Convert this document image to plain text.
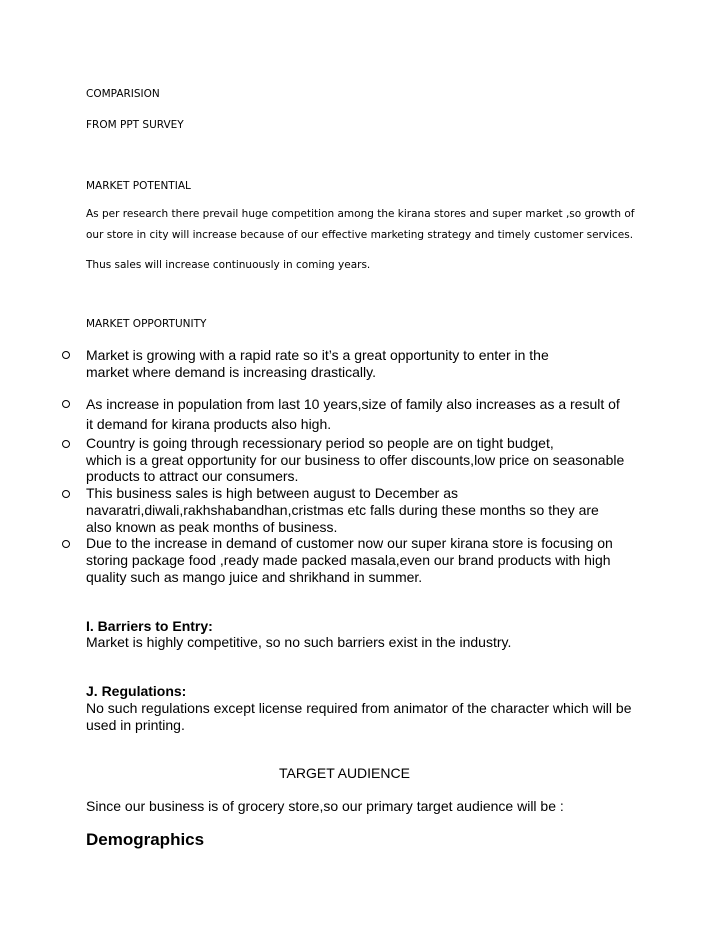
COMPARISION

FROM PPT SURVEY

MARKET POTENTIAL

As per research there prevail huge competition among the kirana stores and super market ,so growth of

our store in city will increase because of our effective marketing strategy and timely customer services.

Thus sales will increase continuously in coming years.

MARKET OPPORTUNITY

Market is growing with a rapid rate so it’s a great opportunity to enter in the

market where demand is increasing drastically.

As increase in population from last 10 years,size of family also increases as a result of

it demand for kirana products also high.

Country is going through recessionary period so people are on tight budget,

which is a great opportunity for our business to offer discounts,low price on seasonable

products to attract our consumers.

This business sales is high between august to December as

navaratri,diwali,rakhshabandhan,cristmas etc falls during these months so they are

also known as peak months of business.

Due to the increase in demand of customer now our super kirana store is focusing on

storing package food ,ready made packed masala,even our brand products with high

quality such as mango juice and shrikhand in summer.

I. Barriers to Entry:

Market is highly competitive, so no such barriers exist in the industry.

J. Regulations:

No such regulations except license required from animator of the character which will be

used in printing.

TARGET AUDIENCE

Since our business is of grocery store,so our primary target audience will be :

Demographics
